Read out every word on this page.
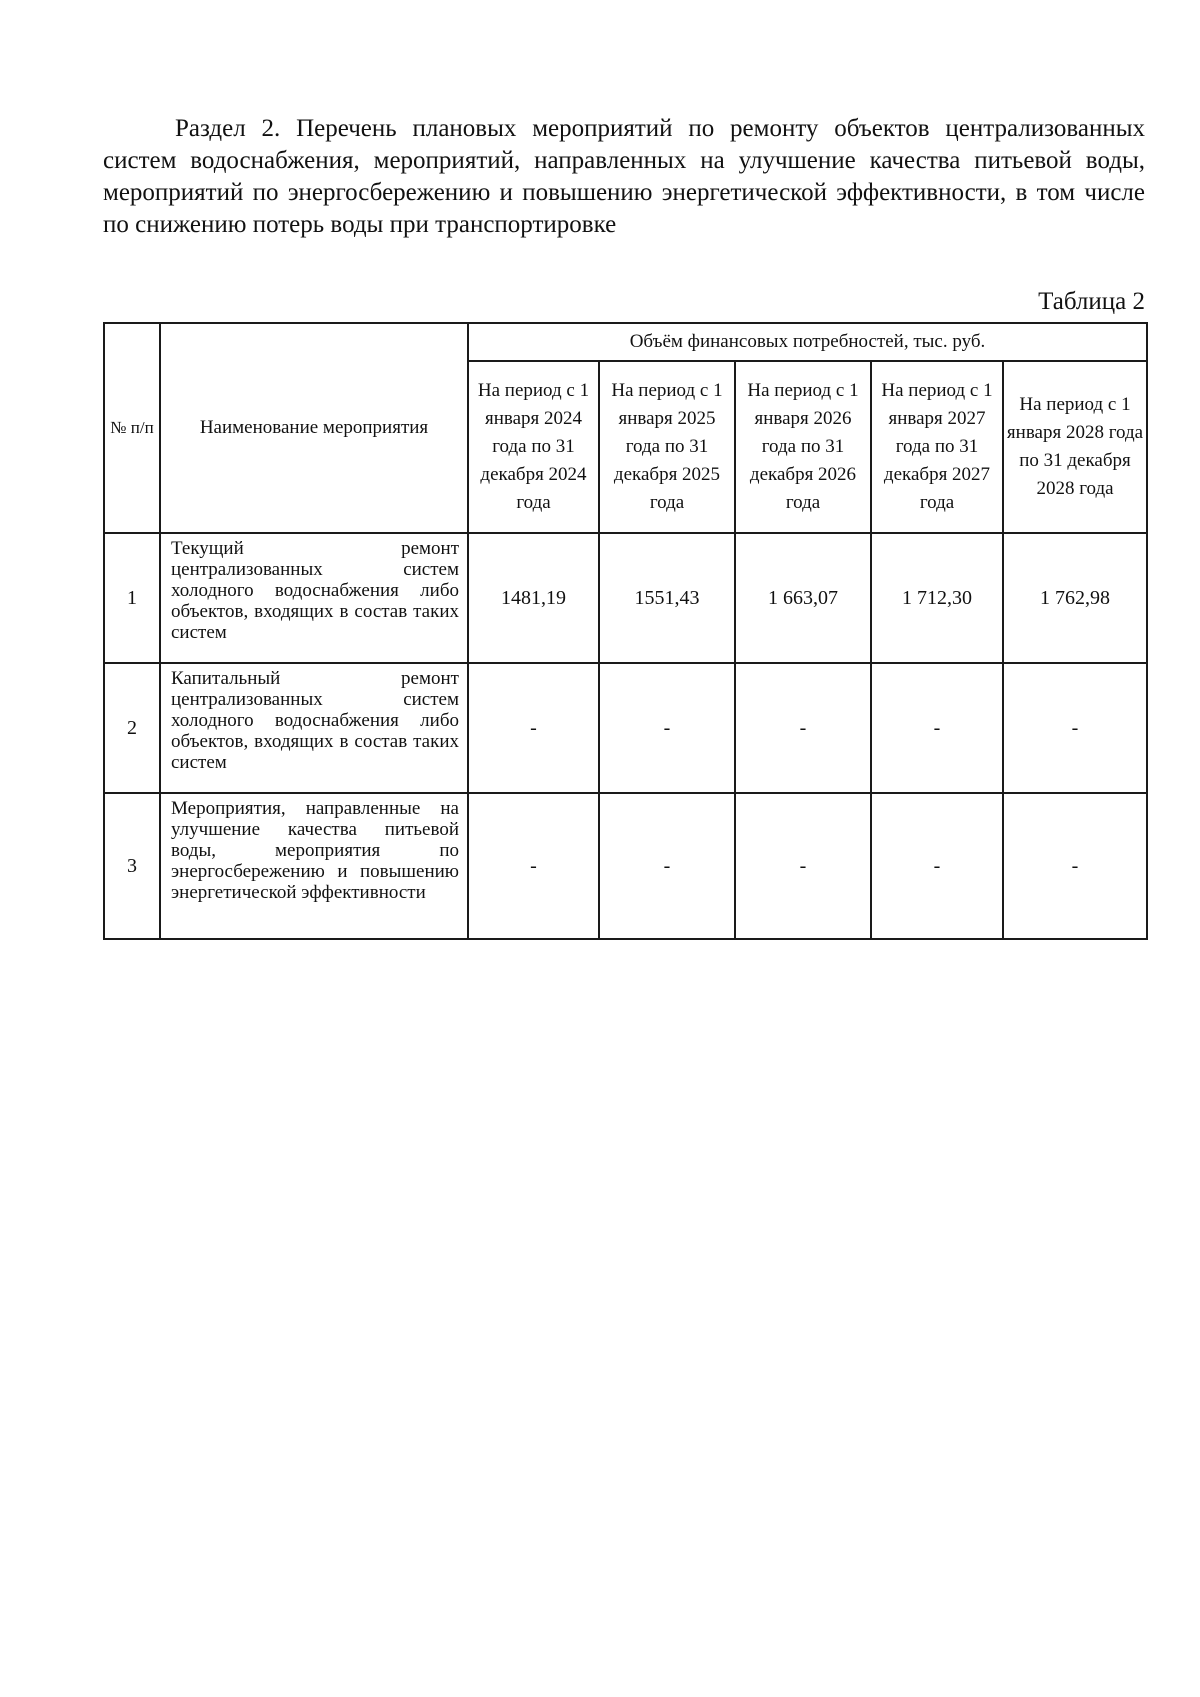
Раздел 2. Перечень плановых мероприятий по ремонту объектов централизованных систем водоснабжения, мероприятий, направленных на улучшение качества питьевой воды, мероприятий по энергосбережению и повышению энергетической эффективности, в том числе по снижению потерь воды при транспортировке

Таблица 2
№ п/п	Наименование мероприятия	Объём финансовых потребностей, тыс. руб.				
		На период с 1 января 2024 года по 31 декабря 2024 года	На период с 1 января 2025 года по 31 декабря 2025 года	На период с 1 января 2026 года по 31 декабря 2026 года	На период с 1 января 2027 года по 31 декабря 2027 года	На период с 1 января 2028 года по 31 декабря 2028 года
1	Текущий ремонт централизованных систем холодного водоснабжения либо объектов, входящих в состав таких систем	1481,19	1551,43	1 663,07	1 712,30	1 762,98
2	Капитальный ремонт централизованных систем холодного водоснабжения либо объектов, входящих в состав таких систем	-	-	-	-	-
3	Мероприятия, направленные на улучшение качества питьевой воды, мероприятия по энергосбережению и повышению энергетической эффективности	-	-	-	-	-
